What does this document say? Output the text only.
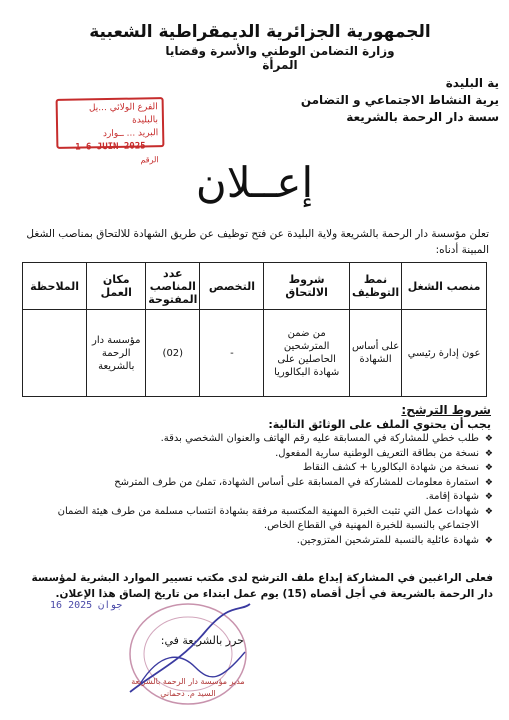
الجمهورية الجزائرية الديمقراطية الشعبية
وزارة التضامن الوطني والأسرة وقضايا المرأة
ية البليدة
يرية النشاط الاجتماعي و التضامن
سسة دار الرحمة بالشريعة
الفرع الولائي ...يل بالبليدة
البريد ... ــوارد
1 6 JUIN 2025
الرقم إعــلان
تعلن مؤسسة دار الرحمة بالشريعة ولاية البليدة عن فتح توظيف عن طريق الشهادة للالتحاق بمناصب الشغل المبينة أدناه:
منصب الشغل	نمط التوظيف	شروط الالتحاق	التخصص	عدد المناصب المفتوحة	مكان العمل	الملاحظة
عون إدارة رئيسي	على أساس الشهادة	من ضمن المترشحين الحاصلين على شهادة البكالوريا	-	(02)	مؤسسة دار الرحمة بالشريعة	
شروط الترشح:
يجب أن يحتوي الملف على الوثائق التالية:
❖ طلب خطي للمشاركة في المسابقة عليه رقم الهاتف والعنوان الشخصي بدقة.
❖ نسخة من بطاقة التعريف الوطنية سارية المفعول.
❖ نسخة من شهادة البكالوريا + كشف النقاط
❖ استمارة معلومات للمشاركة في المسابقة على أساس الشهادة، تملئ من طرف المترشح
❖ شهادة إقامة.
❖ شهادات عمل التي تثبت الخبرة المهنية المكتسبة مرفقة بشهادة انتساب مسلمة من طرف هيئة الضمان الاجتماعي بالنسبة للخبرة المهنية في القطاع الخاص.
❖ شهادة عائلية بالنسبة للمترشحين المتزوجين.
فعلى الراغبين في المشاركة إيداع ملف الترشح لدى مكتب تسيير الموارد البشرية لمؤسسة دار الرحمة بالشريعة في أجل أقصاه (15) يوم عمل ابتداء من تاريخ إلصاق هذا الإعلان.
16 جوان 2025
حرر بالشريعة في:
مدير مؤسسة دار الرحمة بالشريعة
السيد م. دحماني
